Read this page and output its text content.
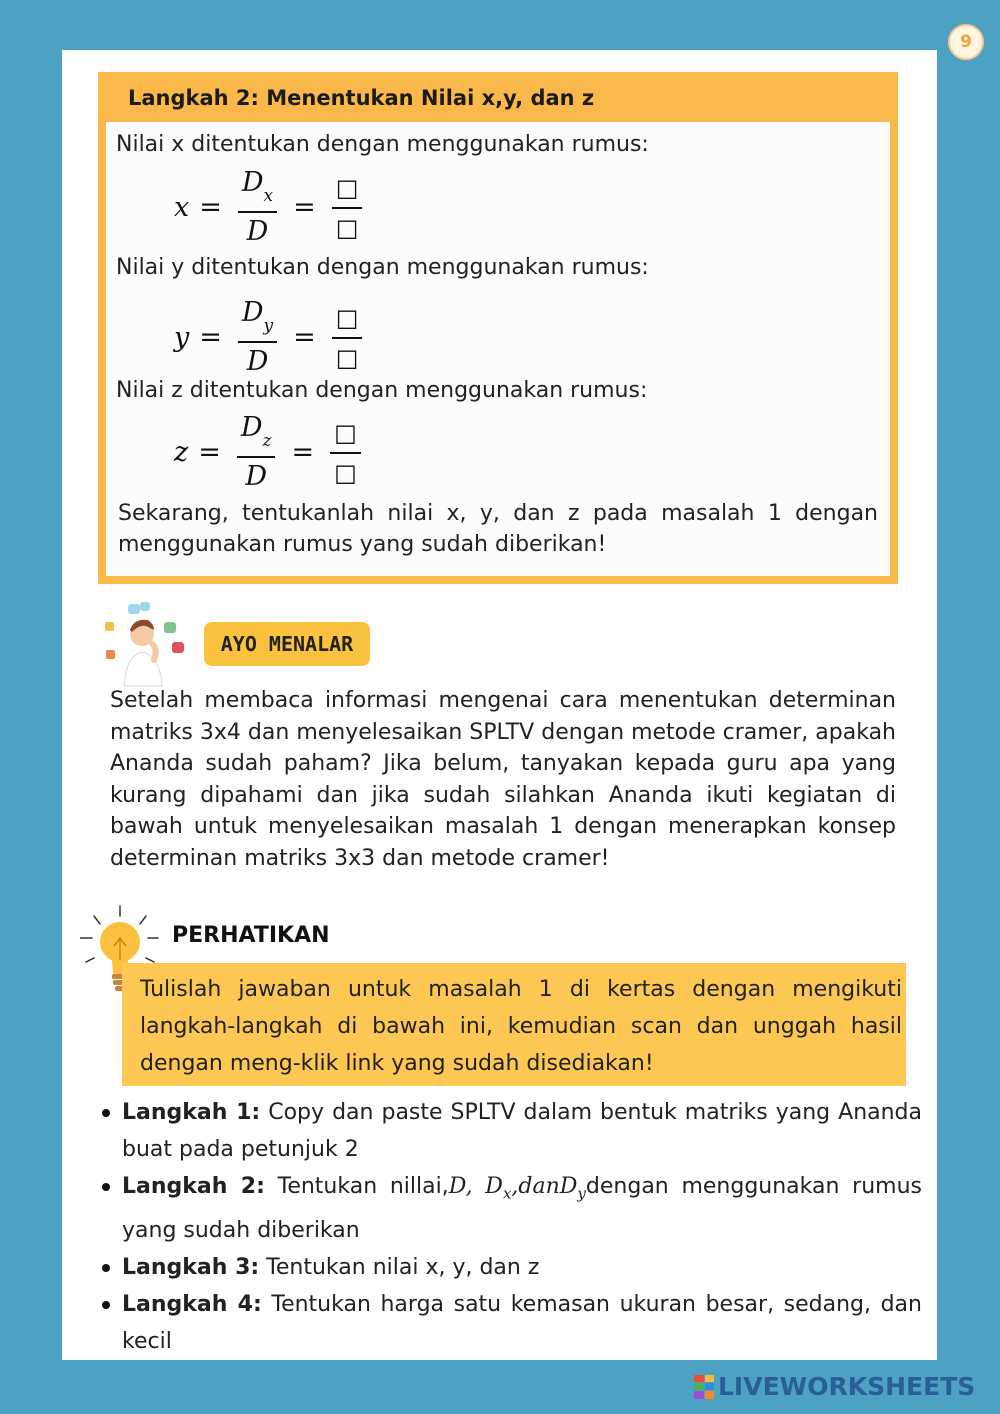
9
Langkah 2: Menentukan Nilai x,y, dan z
Nilai x ditentukan dengan menggunakan rumus:
$x = \frac{D_x}{D} = \frac{□}{□}$
Nilai y ditentukan dengan menggunakan rumus:
$y = \frac{D_y}{D} = \frac{□}{□}$
Nilai z ditentukan dengan menggunakan rumus:
$z = \frac{D_z}{D} = \frac{□}{□}$
Sekarang, tentukanlah nilai x, y, dan z pada masalah 1 dengan menggunakan rumus yang sudah diberikan!
AYO MENALAR
Setelah membaca informasi mengenai cara menentukan determinan matriks 3x4 dan menyelesaikan SPLTV dengan metode cramer, apakah Ananda sudah paham? Jika belum, tanyakan kepada guru apa yang kurang dipahami dan jika sudah silahkan Ananda ikuti kegiatan di bawah untuk menyelesaikan masalah 1 dengan menerapkan konsep determinan matriks 3x3 dan metode cramer!
PERHATIKAN
Tulislah jawaban untuk masalah 1 di kertas dengan mengikuti langkah-langkah di bawah ini, kemudian scan dan unggah hasil dengan meng-klik link yang sudah disediakan!
Langkah 1: Copy dan paste SPLTV dalam bentuk matriks yang Ananda buat pada petunjuk 2
Langkah 2: Tentukan nillai,D, $D_x,danD_ydengan$ menggunakan rumus yang sudah diberikan
Langkah 3: Tentukan nilai x, y, dan z
Langkah 4: Tentukan harga satu kemasan ukuran besar, sedang, dan kecil
LIVEWORKSHEETS
